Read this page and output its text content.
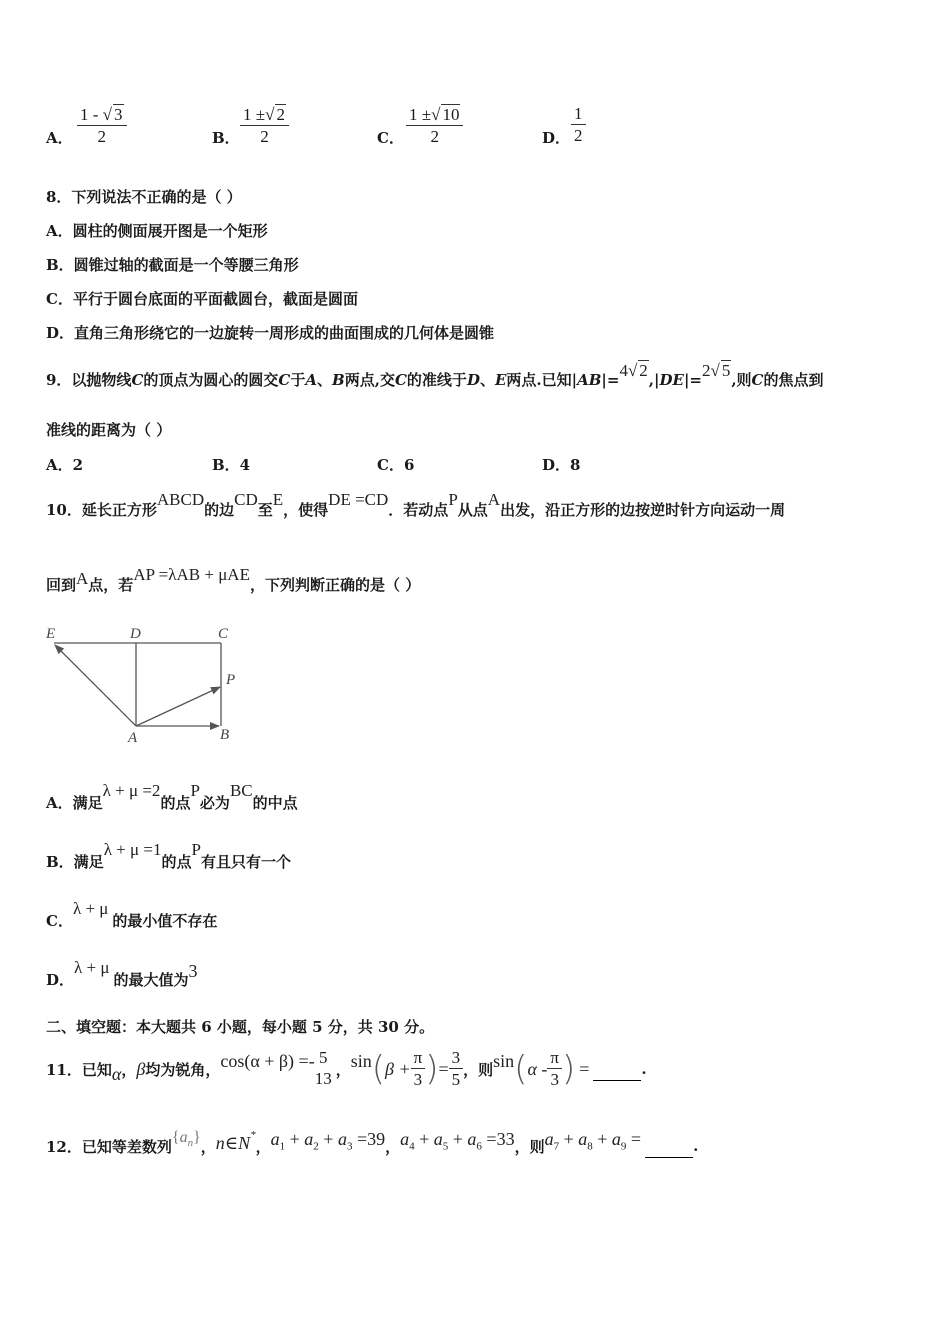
A． $\frac{1 - √ 3}{2}$	B． $\frac{1 \pm√ 2}{2}$	C． $\frac{1 \pm√ 10}{2}$	D． $\frac{1}{2}$
8．下列说法不正确的是（ ）
A．圆柱的侧面展开图是一个矩形
B．圆锥过轴的截面是一个等腰三角形
C．平行于圆台底面的平面截圆台，截面是圆面
D．直角三角形绕它的一边旋转一周形成的曲面围成的几何体是圆锥
9．以抛物线C的顶点为圆心的圆交C于A、B两点,交C的准线于D、E两点.已知|AB|=4√ 2,|DE|=2√ 5,则C的焦点到
准线的距离为（ ）
A．2	B．4	C．6	D．8
10．延长正方形ABCD的边CD至E，使得DE =CD．若动点P从点A出发，沿正方形的边按逆时针方向运动一周
回到A点，若AP =λAB + μAE，下列判断正确的是（ ）
E	D	C
P
A	B
A．满足λ + μ =2的点P必为BC的中点
B．满足λ + μ =1的点P有且只有一个
C．λ + μ的最小值不存在
D．λ + μ的最大值为3
二、填空题：本大题共 6 小题，每小题 5 分，共 30 分。
11．已知 α ， β 均为锐角， cos(α + β) =- 5
13 ， sin ( $\beta + \frac{\pi}{3}$ ) = $\frac{3}{5}$ ，则 sin ( α - $\frac{\pi}{3}$ ) =	.
12．已知等差数列
$\{a_n\}$
， n∈N*
， $a_1 + a_2 + a_3 =39$ ， $a_4 + a_5 + a_6 =33$ ，则 $a_7 + a_8 + a_9$ =	.
